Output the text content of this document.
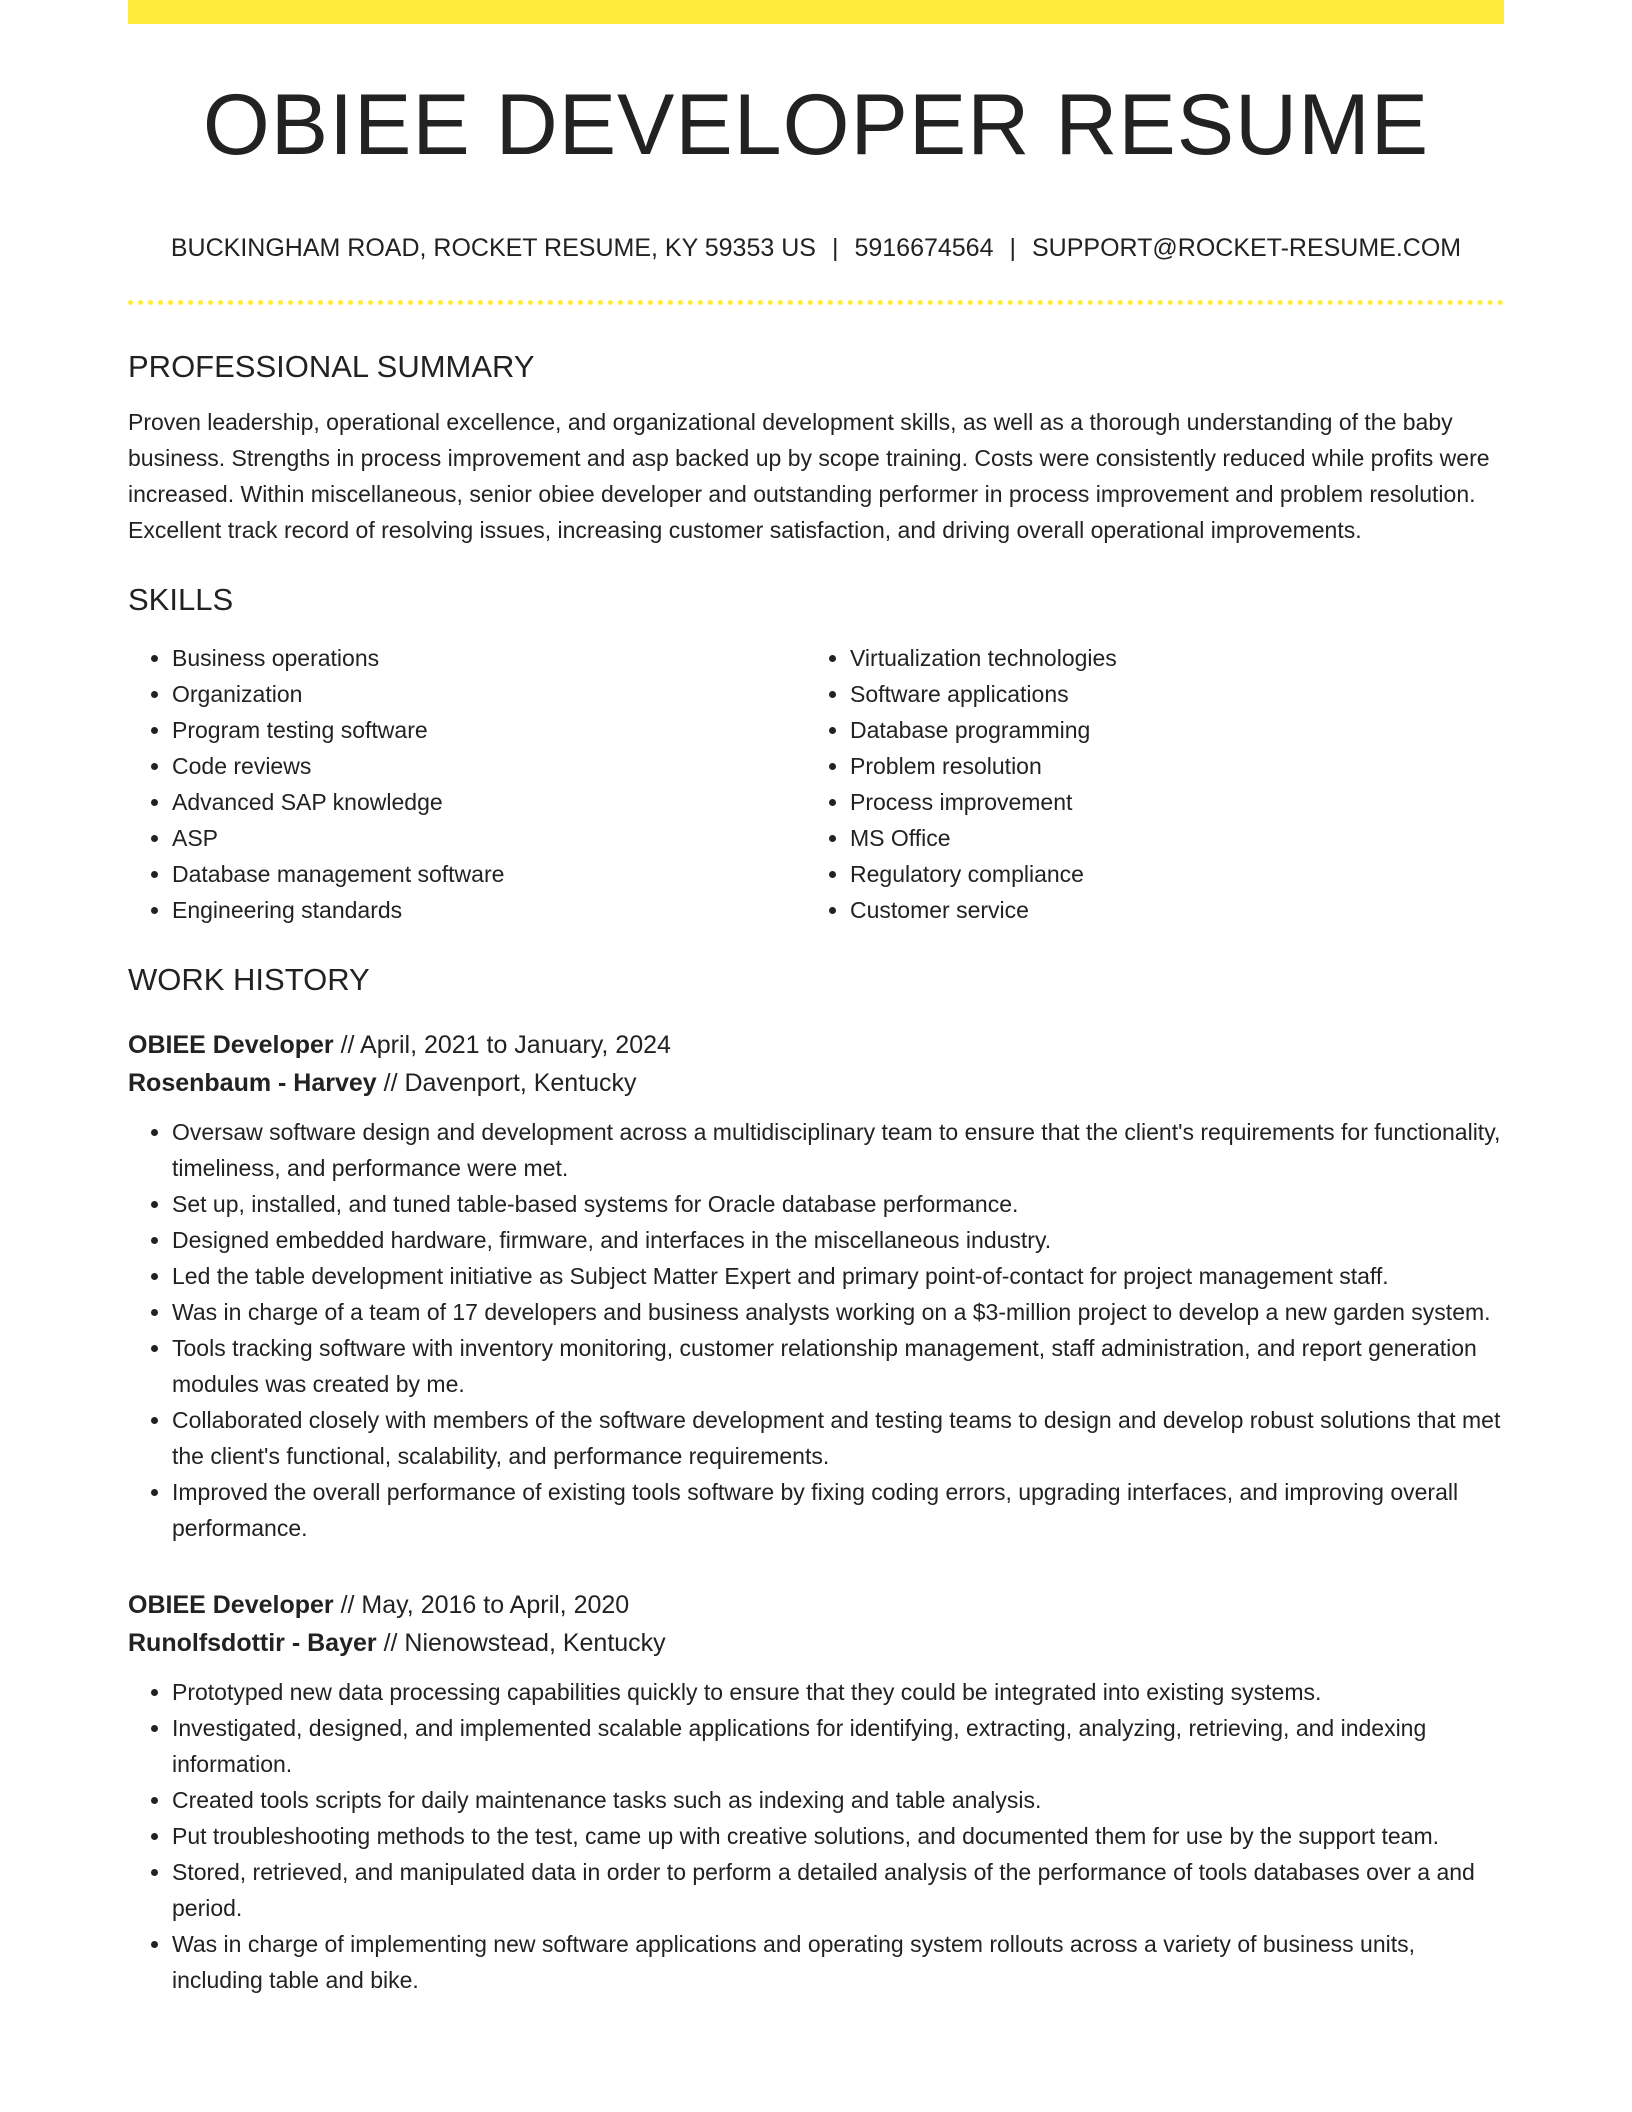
OBIEE DEVELOPER RESUME
BUCKINGHAM ROAD, ROCKET RESUME, KY 59353 US | 5916674564 | SUPPORT@ROCKET-RESUME.COM
PROFESSIONAL SUMMARY
Proven leadership, operational excellence, and organizational development skills, as well as a thorough understanding of the baby business. Strengths in process improvement and asp backed up by scope training. Costs were consistently reduced while profits were increased. Within miscellaneous, senior obiee developer and outstanding performer in process improvement and problem resolution. Excellent track record of resolving issues, increasing customer satisfaction, and driving overall operational improvements.
SKILLS
• Business operations
• Organization
• Program testing software
• Code reviews
• Advanced SAP knowledge
• ASP
• Database management software
• Engineering standards
• Virtualization technologies
• Software applications
• Database programming
• Problem resolution
• Process improvement
• MS Office
• Regulatory compliance
• Customer service
WORK HISTORY
OBIEE Developer // April, 2021 to January, 2024
Rosenbaum - Harvey // Davenport, Kentucky
• Oversaw software design and development across a multidisciplinary team to ensure that the client's requirements for functionality, timeliness, and performance were met.
• Set up, installed, and tuned table-based systems for Oracle database performance.
• Designed embedded hardware, firmware, and interfaces in the miscellaneous industry.
• Led the table development initiative as Subject Matter Expert and primary point-of-contact for project management staff.
• Was in charge of a team of 17 developers and business analysts working on a $3-million project to develop a new garden system.
• Tools tracking software with inventory monitoring, customer relationship management, staff administration, and report generation modules was created by me.
• Collaborated closely with members of the software development and testing teams to design and develop robust solutions that met the client's functional, scalability, and performance requirements.
• Improved the overall performance of existing tools software by fixing coding errors, upgrading interfaces, and improving overall performance.
OBIEE Developer // May, 2016 to April, 2020
Runolfsdottir - Bayer // Nienowstead, Kentucky
• Prototyped new data processing capabilities quickly to ensure that they could be integrated into existing systems.
• Investigated, designed, and implemented scalable applications for identifying, extracting, analyzing, retrieving, and indexing information.
• Created tools scripts for daily maintenance tasks such as indexing and table analysis.
• Put troubleshooting methods to the test, came up with creative solutions, and documented them for use by the support team.
• Stored, retrieved, and manipulated data in order to perform a detailed analysis of the performance of tools databases over a and period.
• Was in charge of implementing new software applications and operating system rollouts across a variety of business units, including table and bike.
